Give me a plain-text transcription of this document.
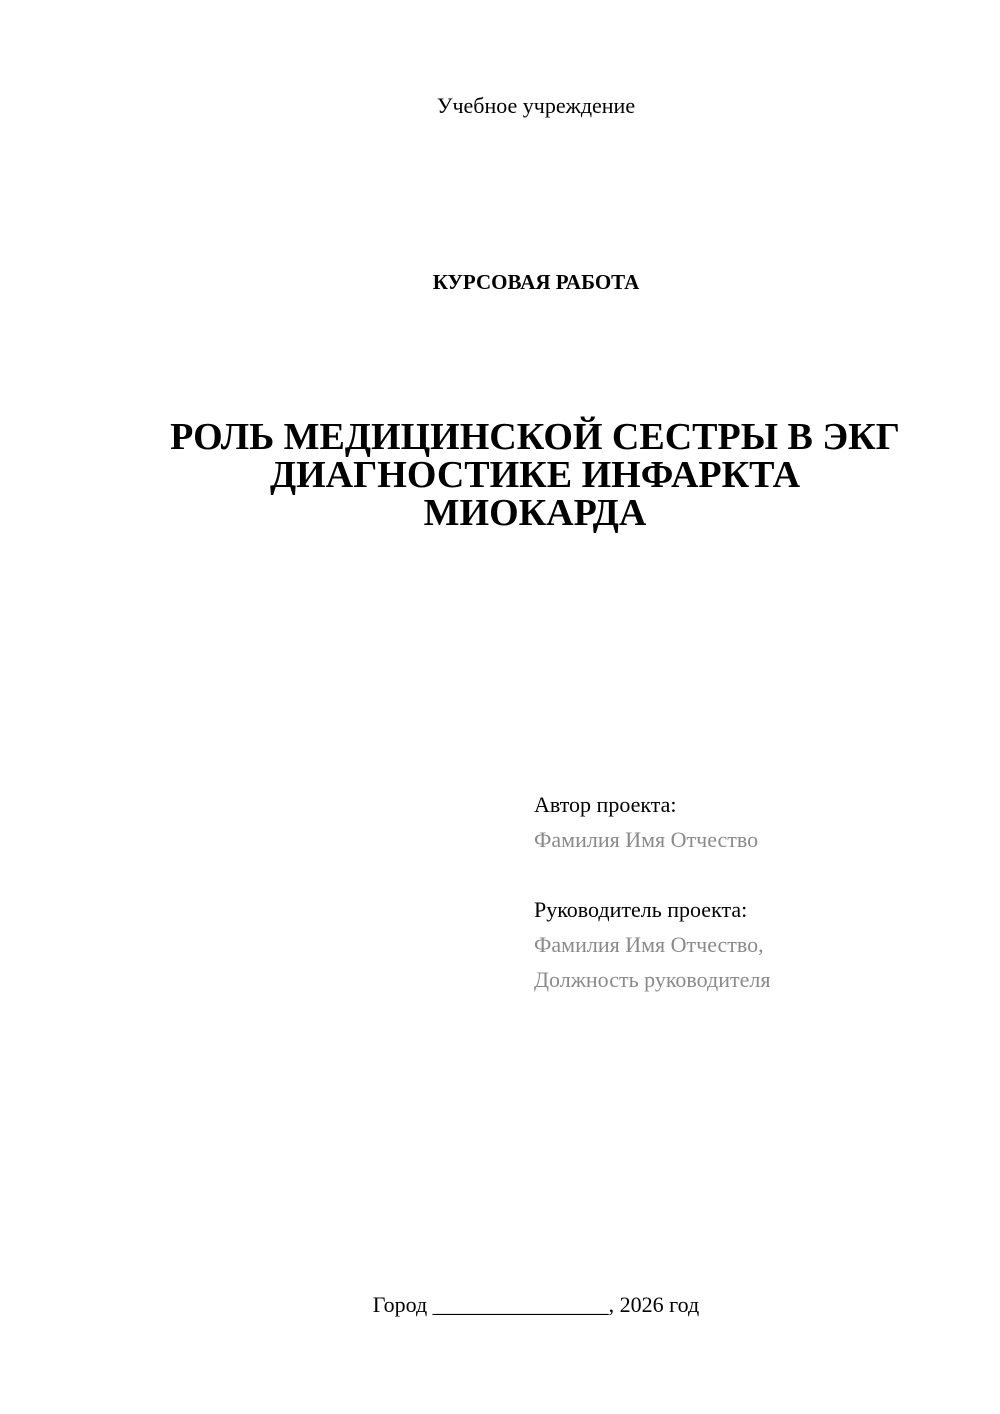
Учебное учреждение
КУРСОВАЯ РАБОТА
РОЛЬ МЕДИЦИНСКОЙ СЕСТРЫ В ЭКГ
ДИАГНОСТИКЕ ИНФАРКТА
МИОКАРДА
Автор проекта:
Фамилия Имя Отчество
Руководитель проекта:
Фамилия Имя Отчество,
Должность руководителя
Город ________________, 2026 год
